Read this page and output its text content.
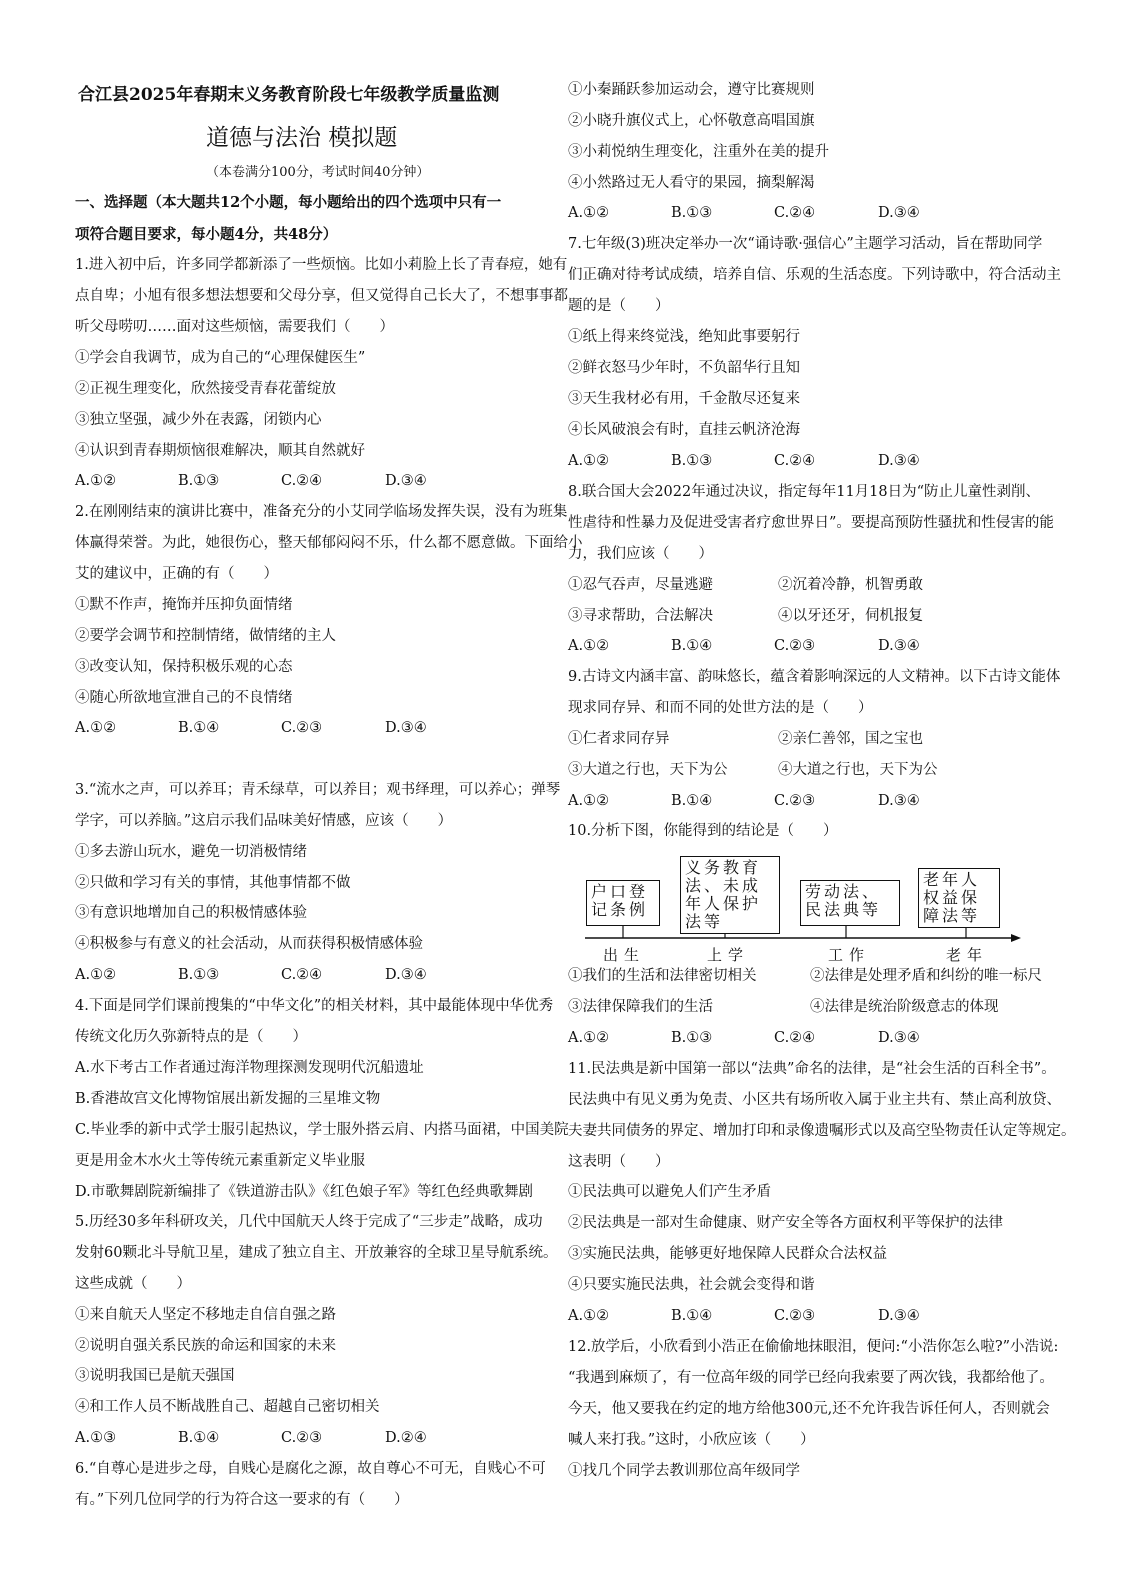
合江县2025年春期末义务教育阶段七年级教学质量监测
道德与法治 模拟题
（本卷满分100分，考试时间40分钟）
一、选择题（本大题共12个小题，每小题给出的四个选项中只有一
项符合题目要求，每小题4分，共48分）
1.进入初中后，许多同学都新添了一些烦恼。比如小莉脸上长了青春痘，她有
点自卑；小旭有很多想法想要和父母分享，但又觉得自己长大了，不想事事都
听父母唠叨……面对这些烦恼，需要我们（　　）
①学会自我调节，成为自己的“心理保健医生”
②正视生理变化，欣然接受青春花蕾绽放
③独立坚强，减少外在表露，闭锁内心
④认识到青春期烦恼很难解决，顺其自然就好
A.①②	B.①③	C.②④	D.③④
2.在刚刚结束的演讲比赛中，准备充分的小艾同学临场发挥失误，没有为班集
体赢得荣誉。为此，她很伤心，整天郁郁闷闷不乐，什么都不愿意做。下面给小
艾的建议中，正确的有（　　）
①默不作声，掩饰并压抑负面情绪
②要学会调节和控制情绪，做情绪的主人
③改变认知，保持积极乐观的心态
④随心所欲地宣泄自己的不良情绪
A.①②	B.①④	C.②③	D.③④
3.“流水之声，可以养耳；青禾绿草，可以养目；观书绎理，可以养心；弹琴
学字，可以养脑。”这启示我们品味美好情感，应该（　　）
①多去游山玩水，避免一切消极情绪
②只做和学习有关的事情，其他事情都不做
③有意识地增加自己的积极情感体验
④积极参与有意义的社会活动，从而获得积极情感体验
A.①②	B.①③	C.②④	D.③④
4.下面是同学们课前搜集的“中华文化”的相关材料，其中最能体现中华优秀
传统文化历久弥新特点的是（　　）
A.水下考古工作者通过海洋物理探测发现明代沉船遗址
B.香港故宫文化博物馆展出新发掘的三星堆文物
C.毕业季的新中式学士服引起热议，学士服外搭云肩、内搭马面裙，中国美院
更是用金木水火土等传统元素重新定义毕业服
D.市歌舞剧院新编排了《铁道游击队》《红色娘子军》等红色经典歌舞剧
5.历经30多年科研攻关，几代中国航天人终于完成了“三步走”战略，成功
发射60颗北斗导航卫星，建成了独立自主、开放兼容的全球卫星导航系统。
这些成就（　　）
①来自航天人坚定不移地走自信自强之路
②说明自强关系民族的命运和国家的未来
③说明我国已是航天强国
④和工作人员不断战胜自己、超越自己密切相关
A.①③	B.①④	C.②③	D.②④
6.“自尊心是进步之母，自贱心是腐化之源，故自尊心不可无，自贱心不可
有。”下列几位同学的行为符合这一要求的有（　　）
①小秦踊跃参加运动会，遵守比赛规则
②小晓升旗仪式上，心怀敬意高唱国旗
③小莉悦纳生理变化，注重外在美的提升
④小然路过无人看守的果园，摘梨解渴
A.①②	B.①③	C.②④	D.③④
7.七年级(3)班决定举办一次“诵诗歌·强信心”主题学习活动，旨在帮助同学
们正确对待考试成绩，培养自信、乐观的生活态度。下列诗歌中，符合活动主
题的是（　　）
①纸上得来终觉浅，绝知此事要躬行
②鲜衣怒马少年时，不负韶华行且知
③天生我材必有用，千金散尽还复来
④长风破浪会有时，直挂云帆济沧海
A.①②	B.①③	C.②④	D.③④
8.联合国大会2022年通过决议，指定每年11月18日为“防止儿童性剥削、
性虐待和性暴力及促进受害者疗愈世界日”。要提高预防性骚扰和性侵害的能
力，我们应该（　　）
①忍气吞声，尽量逃避	②沉着冷静，机智勇敢
③寻求帮助，合法解决	④以牙还牙，伺机报复
A.①②	B.①④	C.②③	D.③④
9.古诗文内涵丰富、韵味悠长，蕴含着影响深远的人文精神。以下古诗文能体
现求同存异、和而不同的处世方法的是（　　）
①仁者求同存异	②亲仁善邻，国之宝也
③大道之行也，天下为公	④大道之行也，天下为公
A.①②	B.①④	C.②③	D.③④
10.分析下图，你能得到的结论是（　　）
户口登
记条例
义务教育
法、未成
年人保护
法等
劳动法、
民法典等
老年人
权益保
障法等
出生	上学	工作	老年
①我们的生活和法律密切相关	②法律是处理矛盾和纠纷的唯一标尺
③法律保障我们的生活	④法律是统治阶级意志的体现
A.①②	B.①③	C.②④	D.③④
11.民法典是新中国第一部以“法典”命名的法律，是“社会生活的百科全书”。
民法典中有见义勇为免责、小区共有场所收入属于业主共有、禁止高利放贷、
夫妻共同债务的界定、增加打印和录像遗嘱形式以及高空坠物责任认定等规定。
这表明（　　）
①民法典可以避免人们产生矛盾
②民法典是一部对生命健康、财产安全等各方面权利平等保护的法律
③实施民法典，能够更好地保障人民群众合法权益
④只要实施民法典，社会就会变得和谐
A.①②	B.①④	C.②③	D.③④
12.放学后，小欣看到小浩正在偷偷地抹眼泪，便问:“小浩你怎么啦?”小浩说:
“我遇到麻烦了，有一位高年级的同学已经向我索要了两次钱，我都给他了。
今天，他又要我在约定的地方给他300元,还不允许我告诉任何人，否则就会
喊人来打我。”这时，小欣应该（　　）
①找几个同学去教训那位高年级同学
